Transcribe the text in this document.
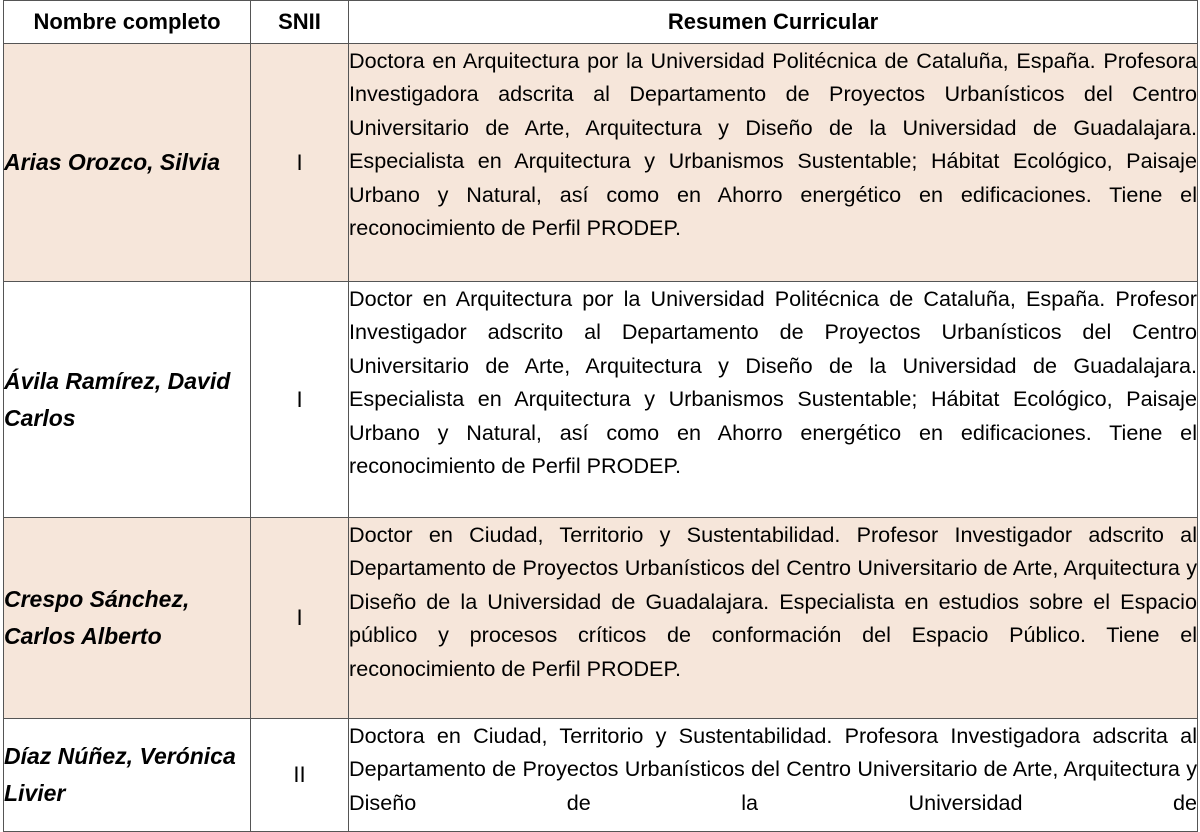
Nombre completo	SNII	Resumen Curricular

Arias Orozco, Silvia	I	Doctora en Arquitectura por la Universidad Politécnica de Cataluña, España. Profesora Investigadora adscrita al Departamento de Proyectos Urbanísticos del Centro Universitario de Arte, Arquitectura y Diseño de la Universidad de Guadalajara. Especialista en Arquitectura y Urbanismos Sustentable; Hábitat Ecológico, Paisaje Urbano y Natural, así como en Ahorro energético en edificaciones. Tiene el reconocimiento de Perfil PRODEP.

Ávila Ramírez, David Carlos	I	Doctor en Arquitectura por la Universidad Politécnica de Cataluña, España. Profesor Investigador adscrito al Departamento de Proyectos Urbanísticos del Centro Universitario de Arte, Arquitectura y Diseño de la Universidad de Guadalajara. Especialista en Arquitectura y Urbanismos Sustentable; Hábitat Ecológico, Paisaje Urbano y Natural, así como en Ahorro energético en edificaciones. Tiene el reconocimiento de Perfil PRODEP.

Crespo Sánchez, Carlos Alberto	I	Doctor en Ciudad, Territorio y Sustentabilidad. Profesor Investigador adscrito al Departamento de Proyectos Urbanísticos del Centro Universitario de Arte, Arquitectura y Diseño de la Universidad de Guadalajara. Especialista en estudios sobre el Espacio público y procesos críticos de conformación del Espacio Público. Tiene el reconocimiento de Perfil PRODEP.

Díaz Núñez, Verónica Livier	II	Doctora en Ciudad, Territorio y Sustentabilidad. Profesora Investigadora adscrita al Departamento de Proyectos Urbanísticos del Centro Universitario de Arte, Arquitectura y Diseño de la Universidad de
